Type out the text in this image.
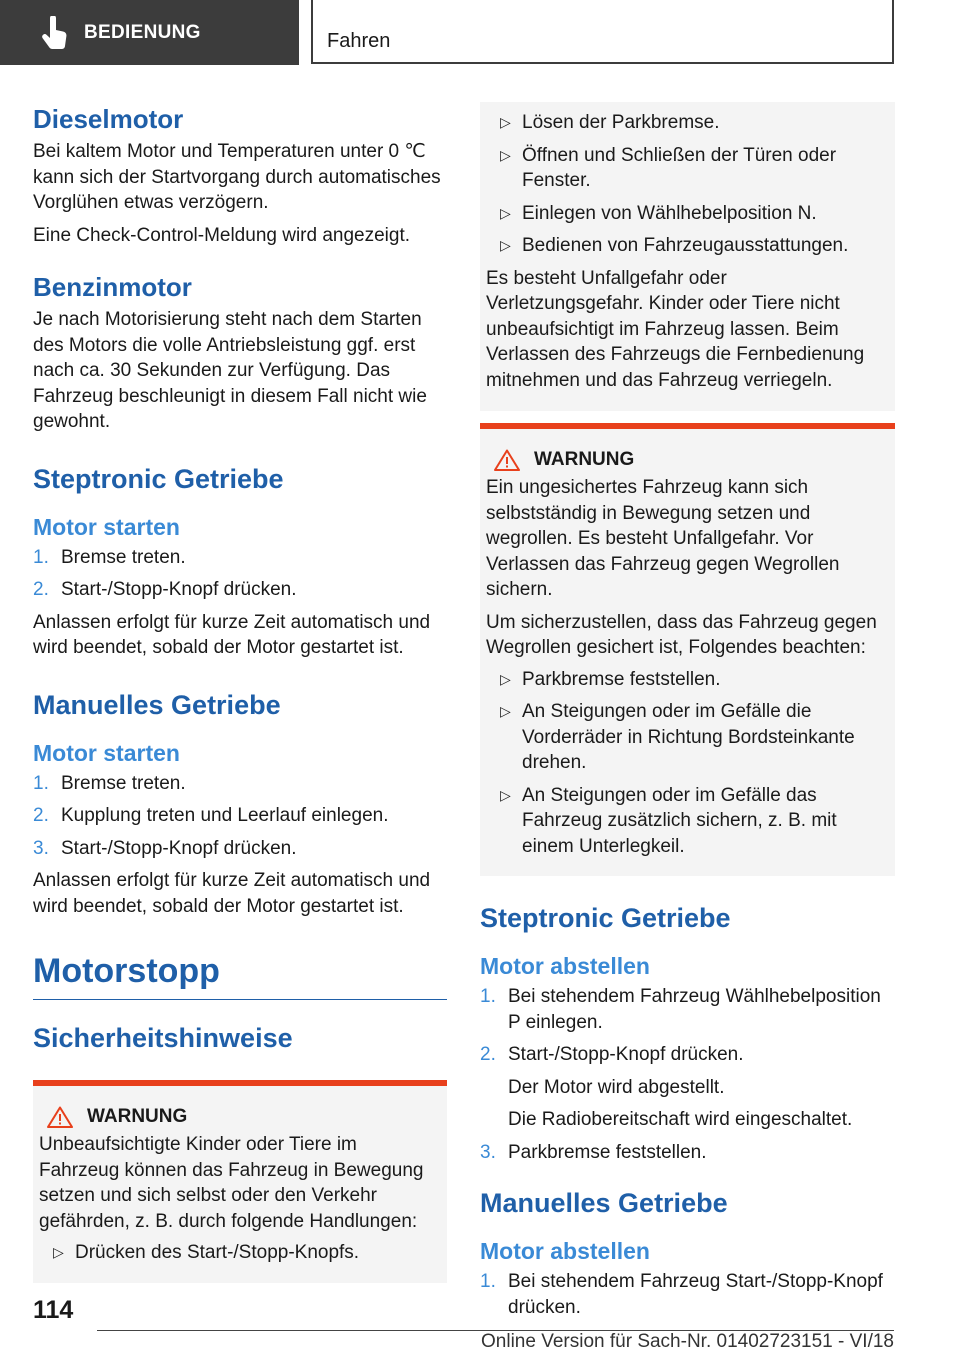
BEDIENUNG	Fahren
Dieselmotor

Bei kaltem Motor und Temperaturen unter 0 ℃ kann sich der Startvorgang durch automatisches Vorglühen etwas verzögern.

Eine Check-Control-Meldung wird angezeigt.

Benzinmotor

Je nach Motorisierung steht nach dem Starten des Motors die volle Antriebsleistung ggf. erst nach ca. 30 Sekunden zur Verfügung. Das Fahrzeug beschleunigt in diesem Fall nicht wie gewohnt.

Steptronic Getriebe
Motor starten
1. Bremse treten.
2. Start-/Stopp-Knopf drücken.

Anlassen erfolgt für kurze Zeit automatisch und wird beendet, sobald der Motor gestartet ist.

Manuelles Getriebe
Motor starten
1. Bremse treten.
2. Kupplung treten und Leerlauf einlegen.
3. Start-/Stopp-Knopf drücken.

Anlassen erfolgt für kurze Zeit automatisch und wird beendet, sobald der Motor gestartet ist.

Motorstopp
Sicherheitshinweise
WARNUNG

Unbeaufsichtigte Kinder oder Tiere im Fahrzeug können das Fahrzeug in Bewegung setzen und sich selbst oder den Verkehr gefährden, z. B. durch folgende Handlungen:

▷ Drücken des Start-/Stopp-Knopfs.
▷ Lösen der Parkbremse.
▷ Öffnen und Schließen der Türen oder Fenster.
▷ Einlegen von Wählhebelposition N.
▷ Bedienen von Fahrzeugausstattungen.

Es besteht Unfallgefahr oder Verletzungsgefahr. Kinder oder Tiere nicht unbeaufsichtigt im Fahrzeug lassen. Beim Verlassen des Fahrzeugs die Fernbedienung mitnehmen und das Fahrzeug verriegeln.

WARNUNG

Ein ungesichertes Fahrzeug kann sich selbstständig in Bewegung setzen und wegrollen. Es besteht Unfallgefahr. Vor Verlassen das Fahrzeug gegen Wegrollen sichern.

Um sicherzustellen, dass das Fahrzeug gegen Wegrollen gesichert ist, Folgendes beachten:

▷ Parkbremse feststellen.
▷ An Steigungen oder im Gefälle die Vorderräder in Richtung Bordsteinkante drehen.
▷ An Steigungen oder im Gefälle das Fahrzeug zusätzlich sichern, z. B. mit einem Unterlegkeil.
Steptronic Getriebe
Motor abstellen
1. Bei stehendem Fahrzeug Wählhebelposition P einlegen.
2. Start-/Stopp-Knopf drücken.
Der Motor wird abgestellt.
Die Radiobereitschaft wird eingeschaltet.
3. Parkbremse feststellen.
Manuelles Getriebe
Motor abstellen
1. Bei stehendem Fahrzeug Start-/Stopp-Knopf drücken.
114
Online Version für Sach-Nr. 01402723151 - VI/18
